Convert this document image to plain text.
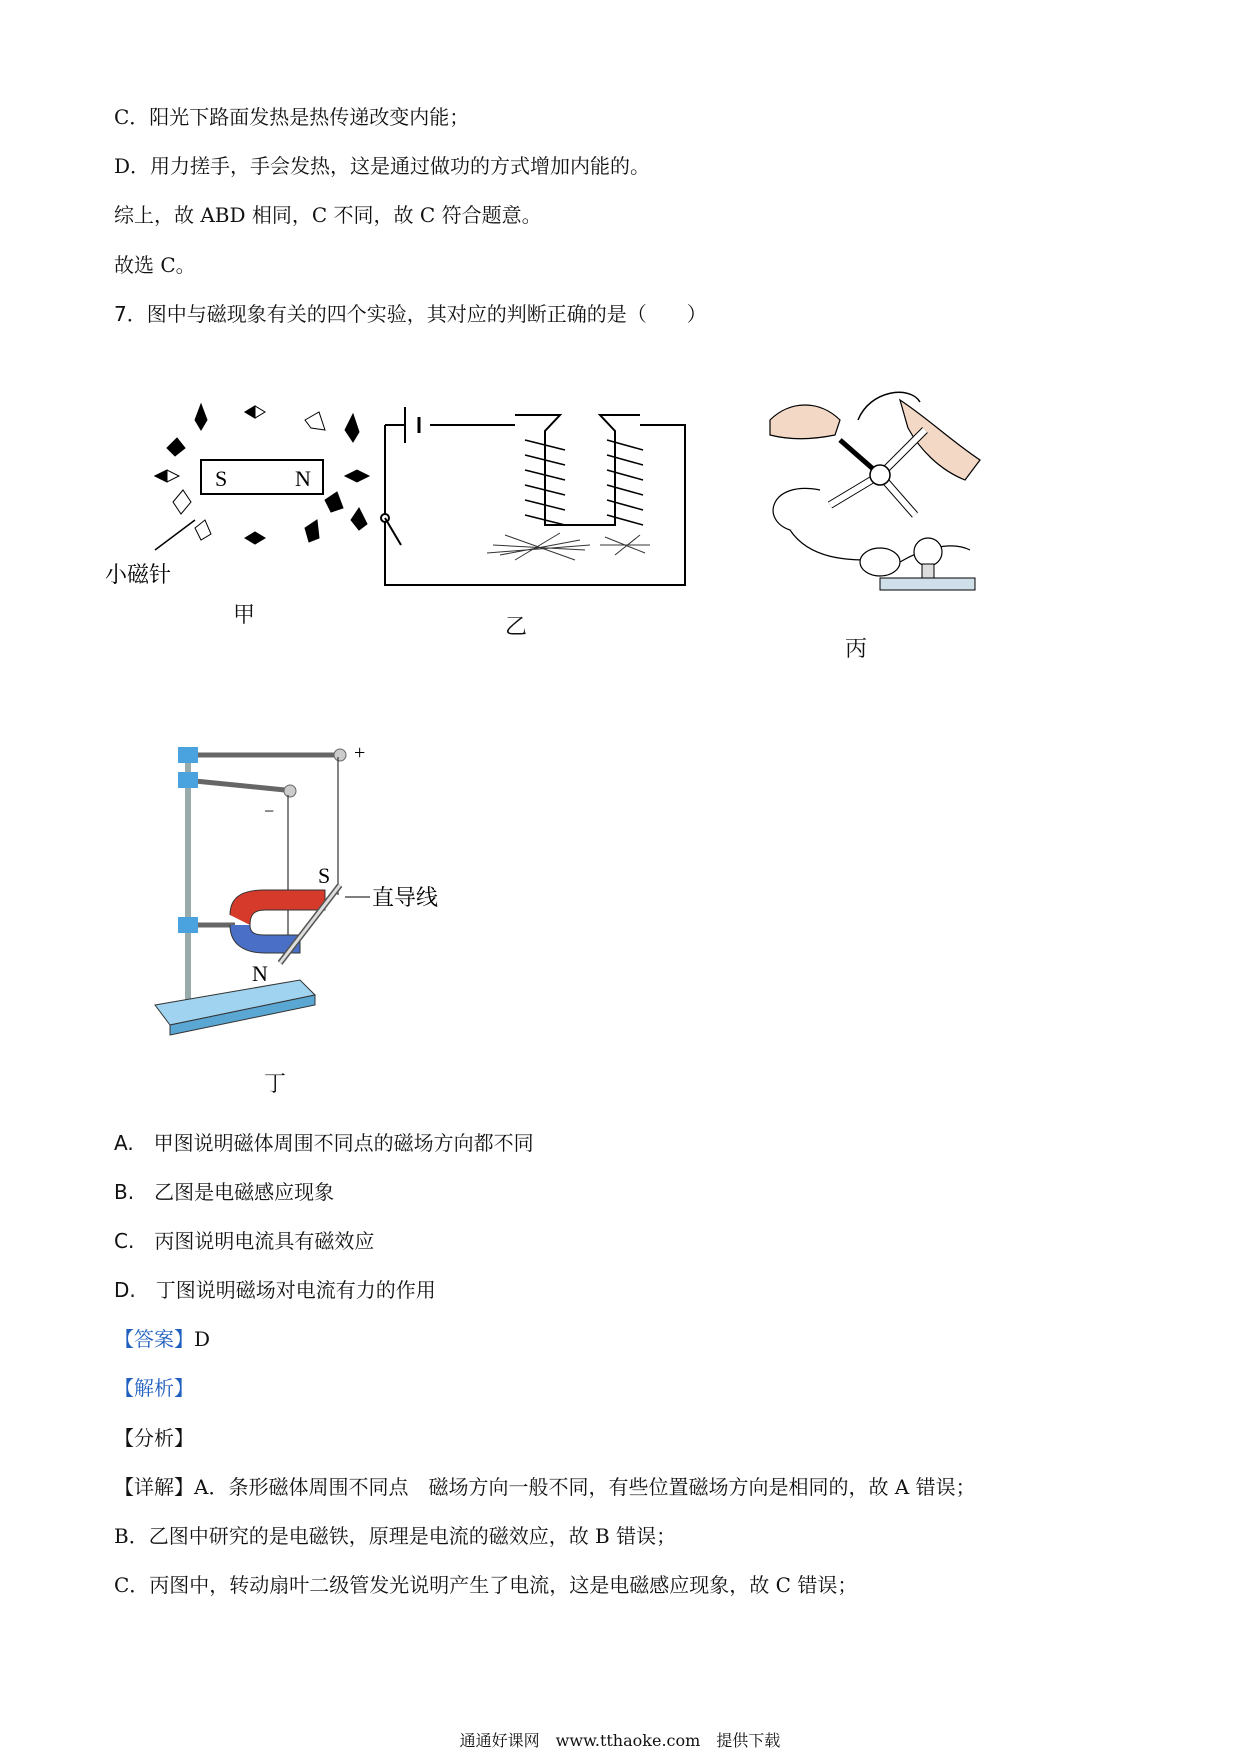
C．阳光下路面发热是热传递改变内能；
D．用力搓手，手会发热，这是通过做功的方式增加内能的。
综上，故 ABD 相同，C 不同，故 C 符合题意。
故选 C。
7．图中与磁现象有关的四个实验，其对应的判断正确的是（　　）
S	N
小磁针
甲	乙
丙
+
−
S
N
直导线
丁
A.　甲图说明磁体周围不同点的磁场方向都不同
B.　乙图是电磁感应现象
C.　丙图说明电流具有磁效应
D.　丁图说明磁场对电流有力的作用
【答案】D
【解析】
【分析】
【详解】A．条形磁体周围不同点　磁场方向一般不同，有些位置磁场方向是相同的，故 A 错误；
B．乙图中研究的是电磁铁，原理是电流的磁效应，故 B 错误；
C．丙图中，转动扇叶二级管发光说明产生了电流，这是电磁感应现象，故 C 错误；
通通好课网　www.tthaoke.com　提供下载
